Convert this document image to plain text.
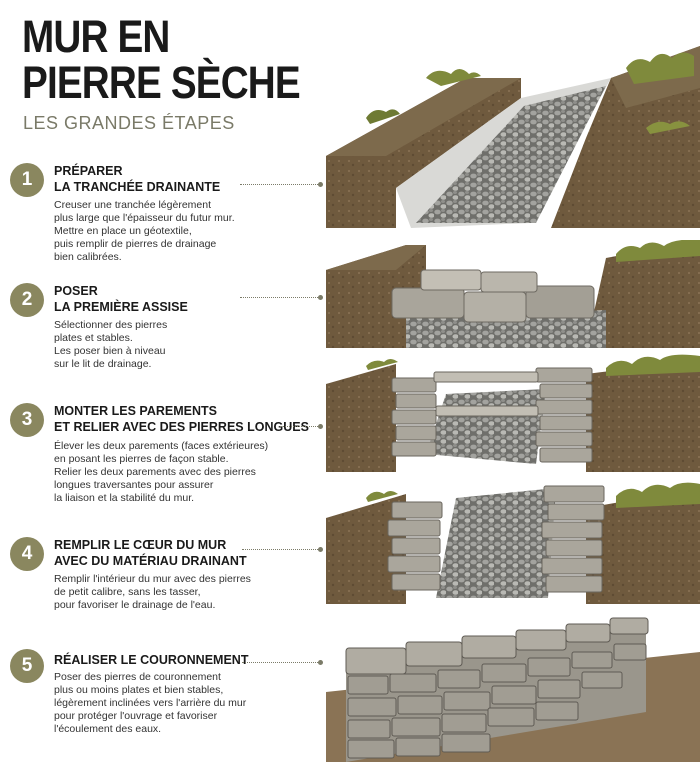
MUR EN
PIERRE SÈCHE
LES GRANDES ÉTAPES
1	PRÉPARER
LA TRANCHÉE DRAINANTE
Creuser une tranchée légèrement
plus large que l'épaisseur du futur mur.
Mettre en place un géotextile,
puis remplir de pierres de drainage
bien calibrées.
2	POSER
LA PREMIÈRE ASSISE
Sélectionner des pierres
plates et stables.
Les poser bien à niveau
sur le lit de drainage.
3	MONTER LES PAREMENTS
ET RELIER AVEC DES PIERRES LONGUES
Élever les deux parements (faces extérieures)
en posant les pierres de façon stable.
Relier les deux parements avec des pierres
longues traversantes pour assurer
la liaison et la stabilité du mur.
4	REMPLIR LE CŒUR DU MUR
AVEC DU MATÉRIAU DRAINANT
Remplir l'intérieur du mur avec des pierres
de petit calibre, sans les tasser,
pour favoriser le drainage de l'eau.
5	RÉALISER LE COURONNEMENT
Poser des pierres de couronnement
plus ou moins plates et bien stables,
légèrement inclinées vers l'arrière du mur
pour protéger l'ouvrage et favoriser
l'écoulement des eaux.
